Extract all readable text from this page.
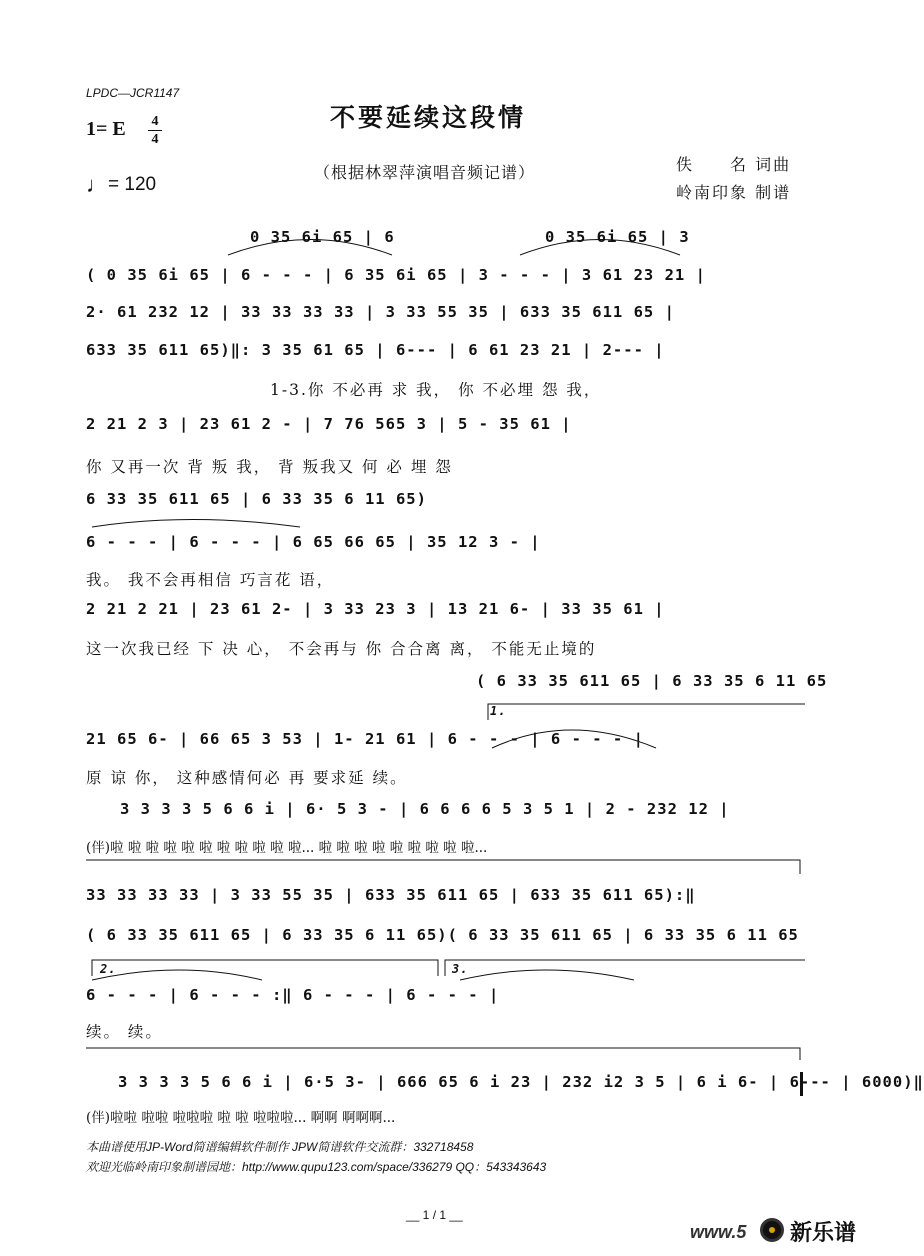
LPDC—JCR1147
1= E 4
4
♩= 120
不要延续这段情
（根据林翠萍演唱音频记谱）	佚　　名 词曲
岭南印象 制谱
0 35 6i 65 | 6	0 35 6i 65 | 3
( 0 35 6i 65 | 6 - - - | 6 35 6i 65 | 3 - - - | 3 61 23 21 |
2· 61 232 12 | 33 33 33 33 | 3 33 55 35 | 633 35 611 65 |
633 35 611 65)‖: 3 35 61 65 | 6--- | 6 61 23 21 | 2--- |
1-3.你 不必再 求 我， 你 不必埋 怨 我，
2 21 2 3 | 23 61 2 - | 7 76 565 3 | 5 - 35 61 |
你 又再一次 背 叛 我， 背 叛我又 何 必 埋 怨
6 33 35 611 65 | 6 33 35 6 11 65)
6 - - - | 6 - - - | 6 65 66 65 | 35 12 3 - |
我。 我不会再相信 巧言花 语，
2 21 2 21 | 23 61 2- | 3 33 23 3 | 13 21 6- | 33 35 61 |
这一次我已经 下 决 心， 不会再与 你 合合离 离， 不能无止境的
( 6 33 35 611 65 | 6 33 35 6 11 65
21 65 6- | 66 65 3 53 | 1- 21 61 | 6 - - - | 6 - - - |
原 谅 你， 这种感情何必 再 要求延 续。
3 3 3 3 5 6 6 i | 6· 5 3 - | 6 6 6 6 5 3 5 1 | 2 - 232 12 |
(伴)啦 啦 啦 啦 啦 啦 啦 啦 啦 啦 啦... 啦 啦 啦 啦 啦 啦 啦 啦 啦...
33 33 33 33 | 3 33 55 35 | 633 35 611 65 | 633 35 611 65):‖
( 6 33 35 611 65 | 6 33 35 6 11 65)( 6 33 35 611 65 | 6 33 35 6 11 65
6 - - - | 6 - - - :‖ 6 - - - | 6 - - - |
续。 续。
3 3 3 3 5 6 6 i | 6·5 3- | 666 65 6 i 23 | 232 i2 3 5 | 6 i 6- | 6--- | 6000)‖
(伴)啦啦 啦啦 啦啦啦 啦 啦 啦啦啦... 啊啊 啊啊啊...
1.
2.	3.
本曲谱使用JP-Word简谱编辑软件制作 JPW简谱软件交流群：332718458
欢迎光临岭南印象制谱园地：http://www.qupu123.com/space/336279 QQ：543343643
__ 1 / 1 __
www.5 新乐谱
